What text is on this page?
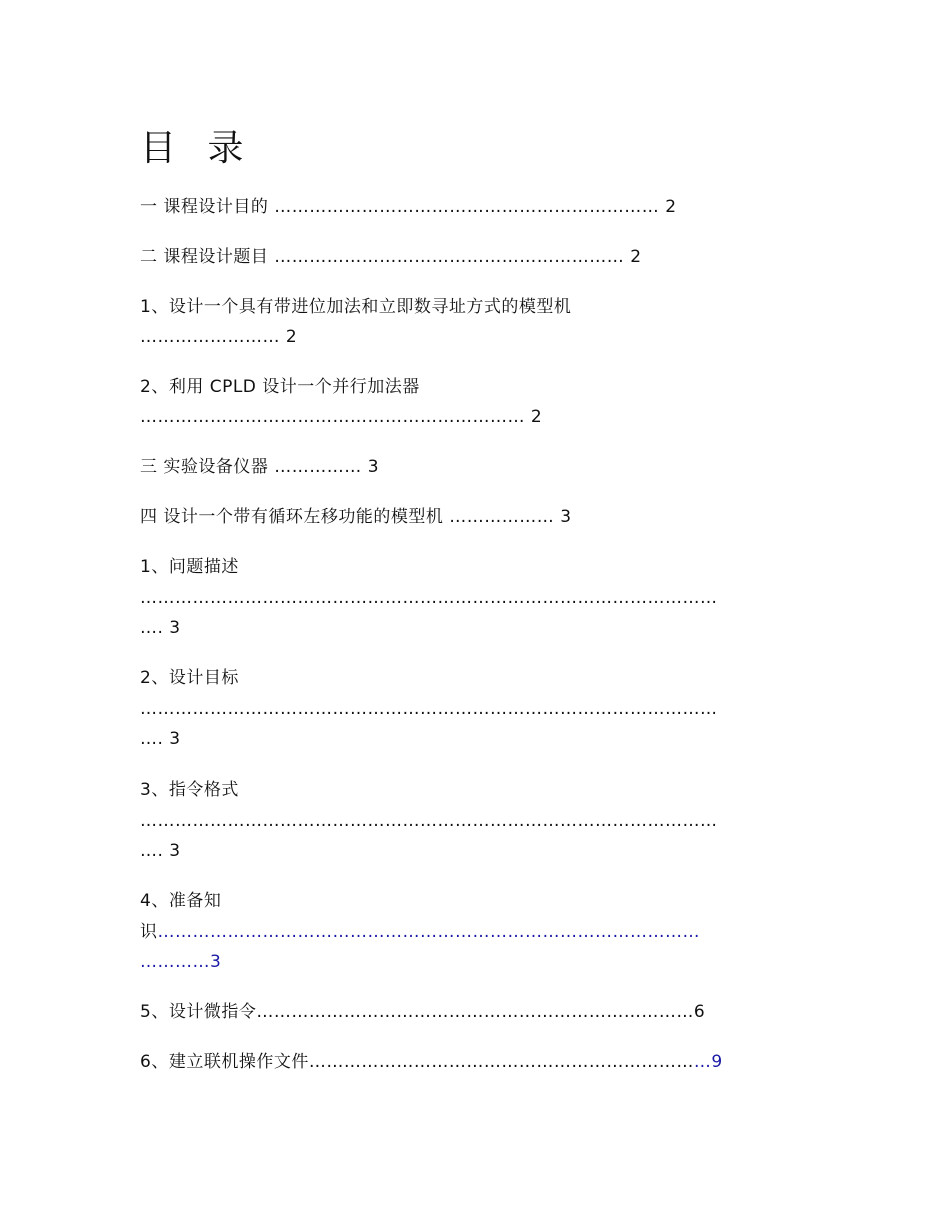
目 录
一 课程设计目的 ………………………………………………………… 2
二 课程设计题目 …………………………………………………… 2
1、设计一个具有带进位加法和立即数寻址方式的模型机
…………………… 2
2、利用 CPLD 设计一个并行加法器
………………………………………………………… 2
三 实验设备仪器 …………… 3
四 设计一个带有循环左移功能的模型机 ……………… 3
1、问题描述
………………………………………………………………………………………
…. 3
2、设计目标
………………………………………………………………………………………
…. 3
3、指令格式
………………………………………………………………………………………
…. 3
4、准备知
识…………………………………………………………………………………
…………3
5、设计微指令…………………………………………………………………6
6、建立联机操作文件……………………………………………………………9
